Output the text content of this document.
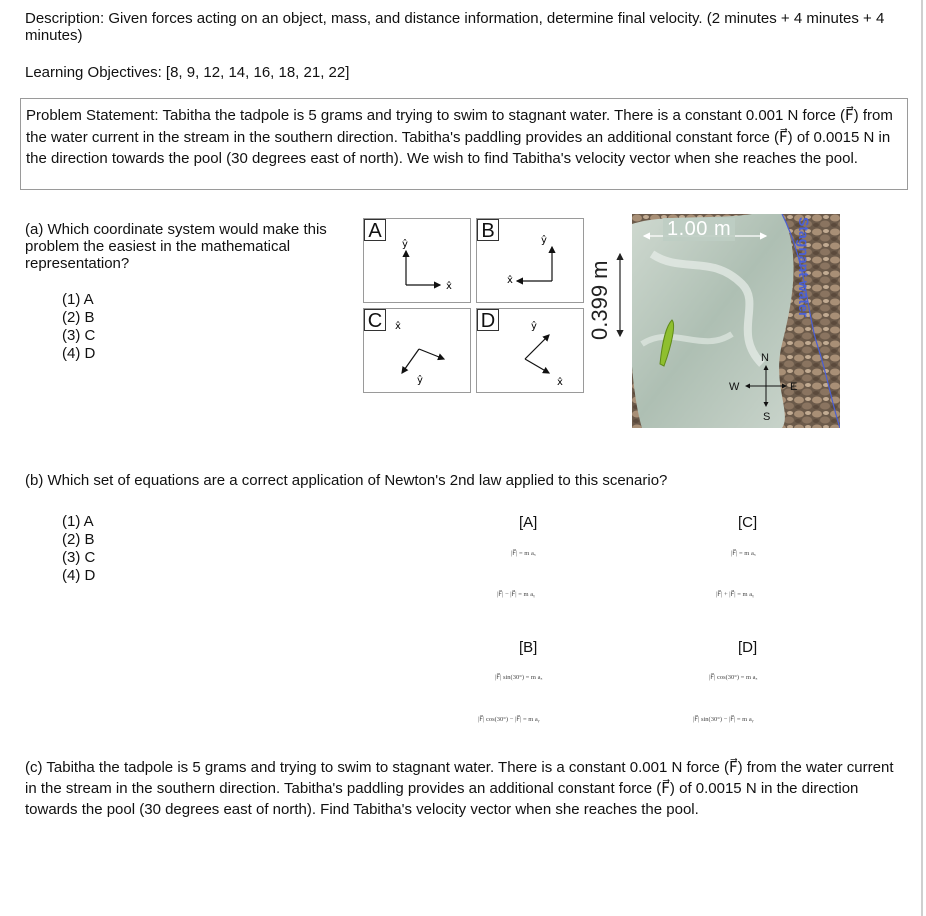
Description: Given forces acting on an object, mass, and distance information, determine final velocity. (2 minutes + 4 minutes + 4 minutes)
Learning Objectives: [8, 9, 12, 14, 16, 18, 21, 22]
Problem Statement: Tabitha the tadpole is 5 grams and trying to swim to stagnant water. There is a constant 0.001 N force (F⃗) from the water current in the stream in the southern direction. Tabitha's paddling provides an additional constant force (F⃗) of 0.0015 N in the direction towards the pool (30 degrees east of north). We wish to find Tabitha's velocity vector when she reaches the pool.
(a) Which coordinate system would make this problem the easiest in the mathematical representation?
(1) A
(2) B
(3) C
(4) D
ŷ
x̂
A	ŷ
x̂
B
x̂
ŷ
C	ŷ
x̂
D	0.399 m
1.00 m	Stagnant water
N
S
W	E
(b) Which set of equations are a correct application of Newton's 2nd law applied to this scenario?
(1) A
(2) B
(3) C
(4) D
[A]
|F⃗| = m aₓ
|F⃗| − |F⃗| = m aᵧ
[C]
|F⃗| = m aₓ
|F⃗| + |F⃗| = m aᵧ
[B]
|F⃗| sin(30°) = m aₓ
|F⃗| cos(30°) − |F⃗| = m aᵧ
[D]
|F⃗| cos(30°) = m aₓ
|F⃗| sin(30°) − |F⃗| = m aᵧ
(c) Tabitha the tadpole is 5 grams and trying to swim to stagnant water. There is a constant 0.001 N force (F⃗) from the water current in the stream in the southern direction. Tabitha's paddling provides an additional constant force (F⃗) of 0.0015 N in the direction towards the pool (30 degrees east of north). Find Tabitha's velocity vector when she reaches the pool.
